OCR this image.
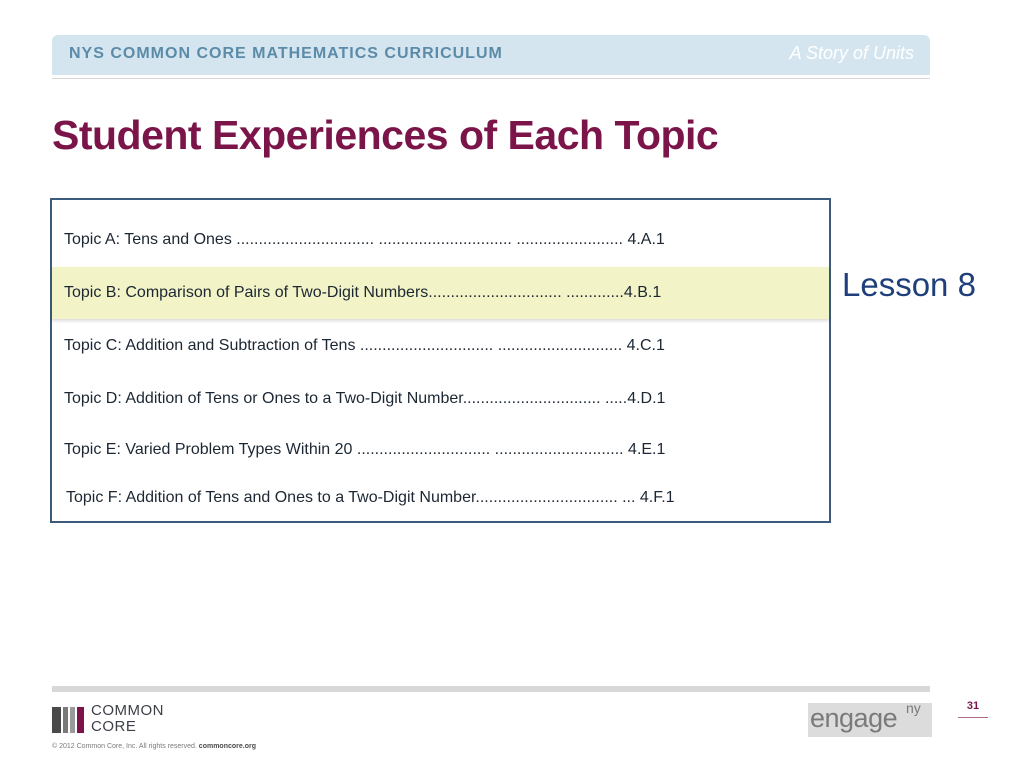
NYS COMMON CORE MATHEMATICS CURRICULUM	A Story of Units
Student Experiences of Each Topic
Topic A: Tens and Ones ............................... .............................. ........................ 4.A.1
Topic B: Comparison of Pairs of Two-Digit Numbers.............................. .............4.B.1
Topic C: Addition and Subtraction of Tens .............................. ............................ 4.C.1
Topic D: Addition of Tens or Ones to a Two-Digit Number............................... .....4.D.1
Topic E: Varied Problem Types Within 20 .............................. ............................. 4.E.1
Topic F: Addition of Tens and Ones to a Two-Digit Number................................ ... 4.F.1
Lesson 8
COMMON
CORE
© 2012 Common Core, Inc. All rights reserved. commoncore.org
engage ny	31
